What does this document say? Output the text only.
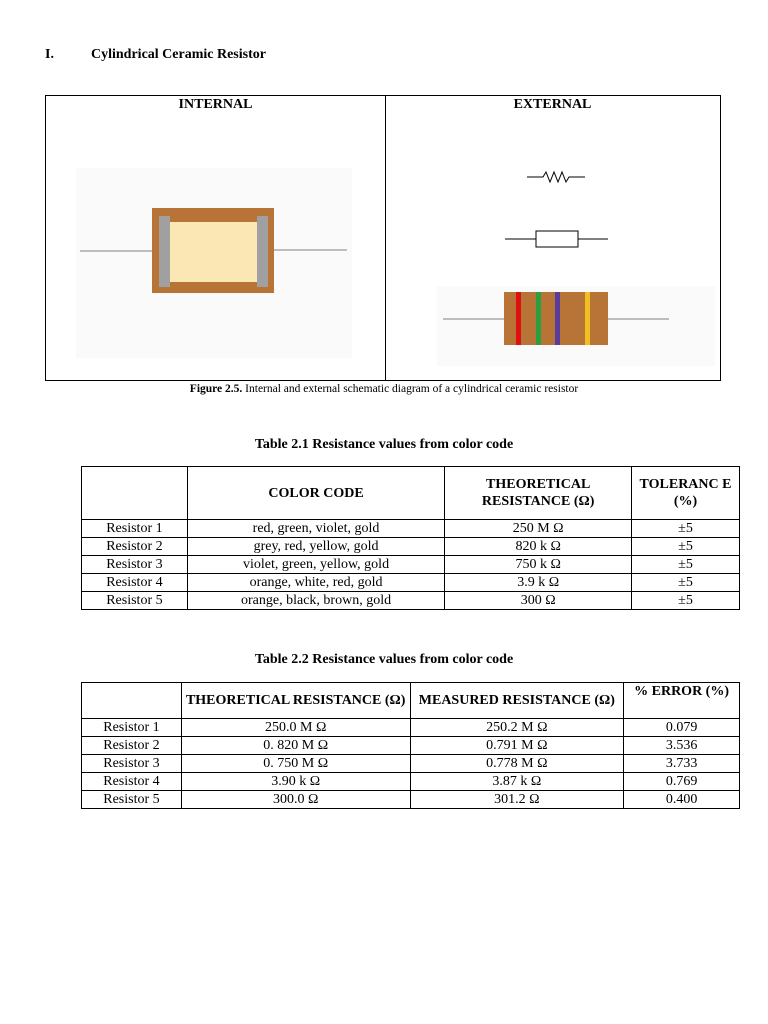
I.	Cylindrical Ceramic Resistor
INTERNAL	EXTERNAL
Figure 2.5. Internal and external schematic diagram of a cylindrical ceramic resistor
Table 2.1 Resistance values from color code
	COLOR CODE	THEORETICAL RESISTANCE (Ω)	TOLERANC E (%)
Resistor 1	red, green, violet, gold	250 M Ω	±5
Resistor 2	grey, red, yellow, gold	820 k Ω	±5
Resistor 3	violet, green, yellow, gold	750 k Ω	±5
Resistor 4	orange, white, red, gold	3.9 k Ω	±5
Resistor 5	orange, black, brown, gold	300 Ω	±5
Table 2.2 Resistance values from color code
	THEORETICAL RESISTANCE (Ω)	MEASURED RESISTANCE (Ω)	% ERROR (%)
Resistor 1	250.0 M Ω	250.2 M Ω	0.079
Resistor 2	0. 820 M Ω	0.791 M Ω	3.536
Resistor 3	0. 750 M Ω	0.778 M Ω	3.733
Resistor 4	3.90 k Ω	3.87 k Ω	0.769
Resistor 5	300.0 Ω	301.2 Ω	0.400
